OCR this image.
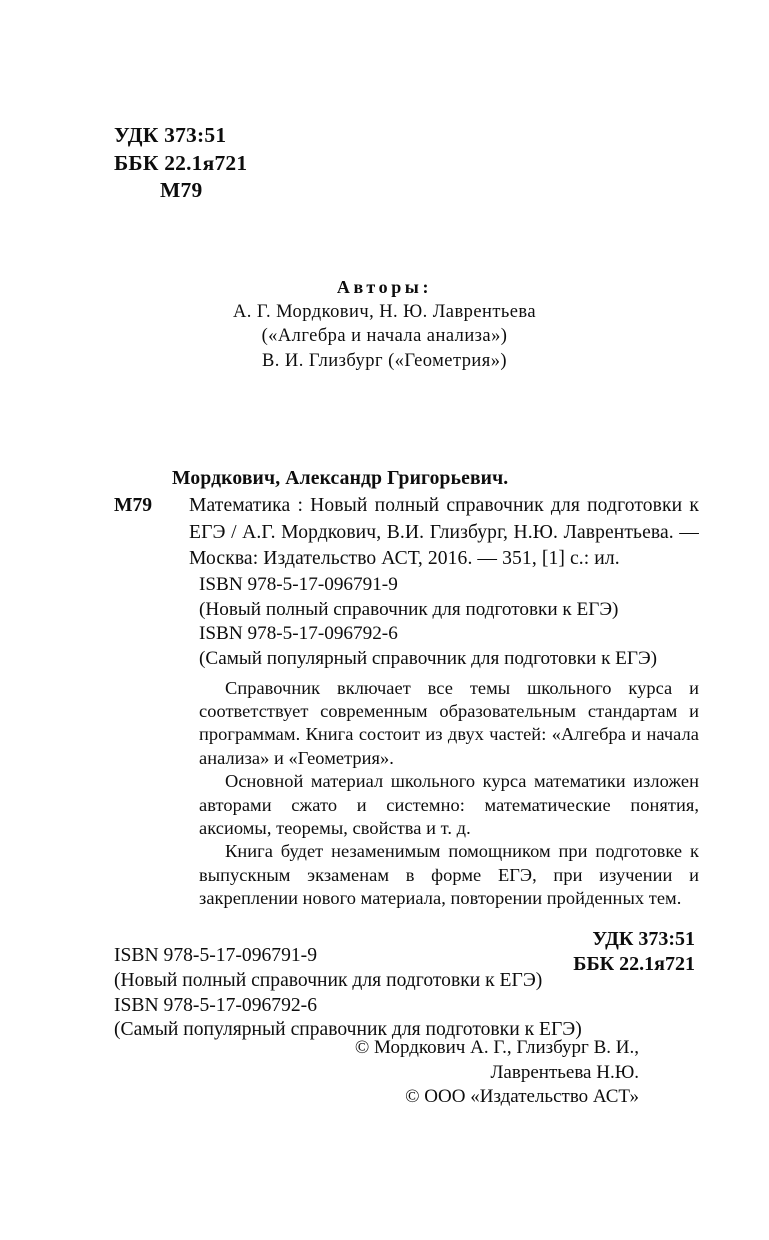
УДК 373:51
ББК 22.1я721
М79
Авторы:
А. Г. Мордкович, Н. Ю. Лаврентьева
(«Алгебра и начала анализа»)
В. И. Глизбург («Геометрия»)
Мордкович, Александр Григорьевич.
М79 Математика : Новый полный справочник для подготовки к ЕГЭ / А.Г. Мордкович, В.И. Глизбург, Н.Ю. Лаврентьева. — Москва: Издательство АСТ, 2016. — 351, [1] с.: ил.

ISBN 978-5-17-096791-9
(Новый полный справочник для подготовки к ЕГЭ)
ISBN 978-5-17-096792-6
(Самый популярный справочник для подготовки к ЕГЭ)

Справочник включает все темы школьного курса и соответствует современным образовательным стандартам и программам. Книга состоит из двух частей: «Алгебра и начала анализа» и «Геометрия».

Основной материал школьного курса математики изложен авторами сжато и системно: математические понятия, аксиомы, теоремы, свойства и т. д.

Книга будет незаменимым помощником при подготовке к выпускным экзаменам в форме ЕГЭ, при изучении и закреплении нового материала, повторении пройденных тем.

УДК 373:51
ББК 22.1я721
ISBN 978-5-17-096791-9
(Новый полный справочник для подготовки к ЕГЭ)
ISBN 978-5-17-096792-6
(Самый популярный справочник для подготовки к ЕГЭ)
© Мордкович А. Г., Глизбург В. И.,
Лаврентьева Н.Ю.
© ООО «Издательство АСТ»
